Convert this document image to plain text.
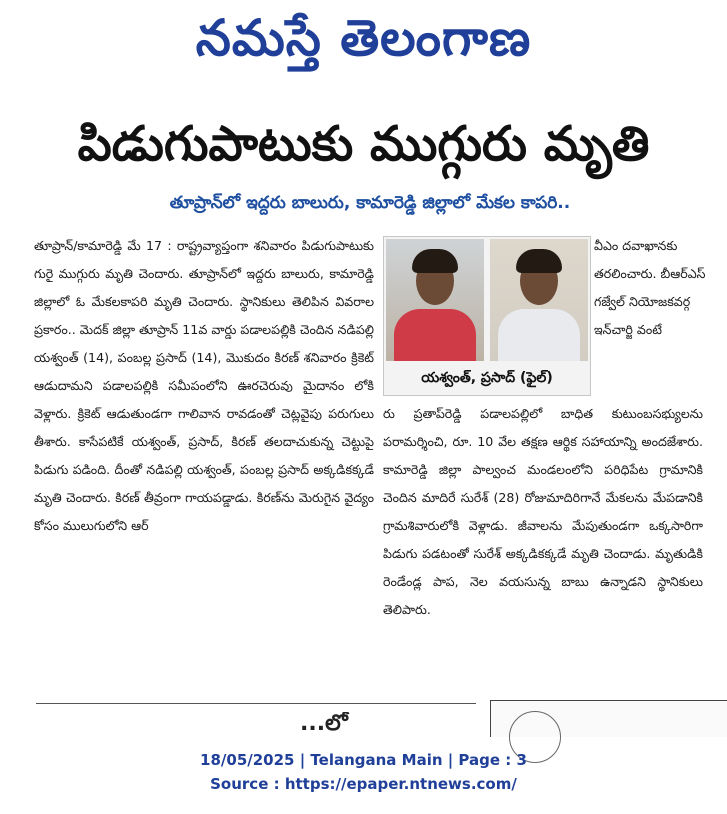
నమస్తే తెలంగాణ
పిడుగుపాటుకు ముగ్గురు మృతి
తూప్రాన్‌లో ఇద్దరు బాలురు, కామారెడ్డి జిల్లాలో మేకల కాపరి..
తూప్రాన్/కామారెడ్డి మే 17 : రాష్ట్రవ్యాప్తంగా శనివారం పిడుగుపాటుకు గురై ముగ్గురు మృతి చెందారు. తూప్రాన్‌లో ఇద్దరు బాలురు, కామారెడ్డి జిల్లాలో ఓ మేకలకాపరి మృతి చెందారు. స్థానికులు తెలిపిన వివరాల ప్రకారం.. మెదక్ జిల్లా తూప్రాన్ 11వ వార్డు పడాలపల్లికి చెందిన నడిపల్లి యశ్వంత్ (14), పంబల్ల ప్రసాద్ (14), మొకుదం కిరణ్ శనివారం క్రికెట్ ఆడుదామని పడాలపల్లికి సమీపంలోని ఊరచెరువు మైదానం లోకి వెళ్లారు. క్రికెట్ ఆడుతుండగా గాలివాన రావడంతో చెట్లవైపు పరుగులు తీశారు. కాసేపటికే యశ్వంత్, ప్రసాద్, కిరణ్ తలదాచుకున్న చెట్టుపై పిడుగు పడింది. దీంతో నడిపల్లి యశ్వంత్, పంబల్ల ప్రసాద్ అక్కడికక్కడే మృతి చెందారు. కిరణ్ తీవ్రంగా గాయపడ్డాడు. కిరణ్‌ను మెరుగైన వైద్యం కోసం ములుగులోని ఆర్
యశ్వంత్, ప్రసాద్ (ఫైల్)
వీఎం దవాఖానకు తరలించారు. బీఆర్ఎస్ గజ్వేల్ నియోజకవర్గ ఇన్‌చార్జి వంటే
రు ప్రతాప్‌రెడ్డి పడాలపల్లిలో బాధిత కుటుంబసభ్యులను పరామర్శించి, రూ. 10 వేల తక్షణ ఆర్థిక సహాయాన్ని అందజేశారు. కామారెడ్డి జిల్లా పాల్వంచ మండలంలోని పరిధిపేట గ్రామానికి చెందిన మాదిరే సురేశ్ (28) రోజుమాదిరిగానే మేకలను మేపడానికి గ్రామశివారులోకి వెళ్లాడు. జీవాలను మేపుతుండగా ఒక్కసారిగా పిడుగు పడటంతో సురేశ్ అక్కడికక్కడే మృతి చెందాడు. మృతుడికి రెండేండ్ల పాప, నెల వయసున్న బాబు ఉన్నాడని స్థానికులు తెలిపారు.
...లో
18/05/2025 | Telangana Main | Page : 3
Source : https://epaper.ntnews.com/
